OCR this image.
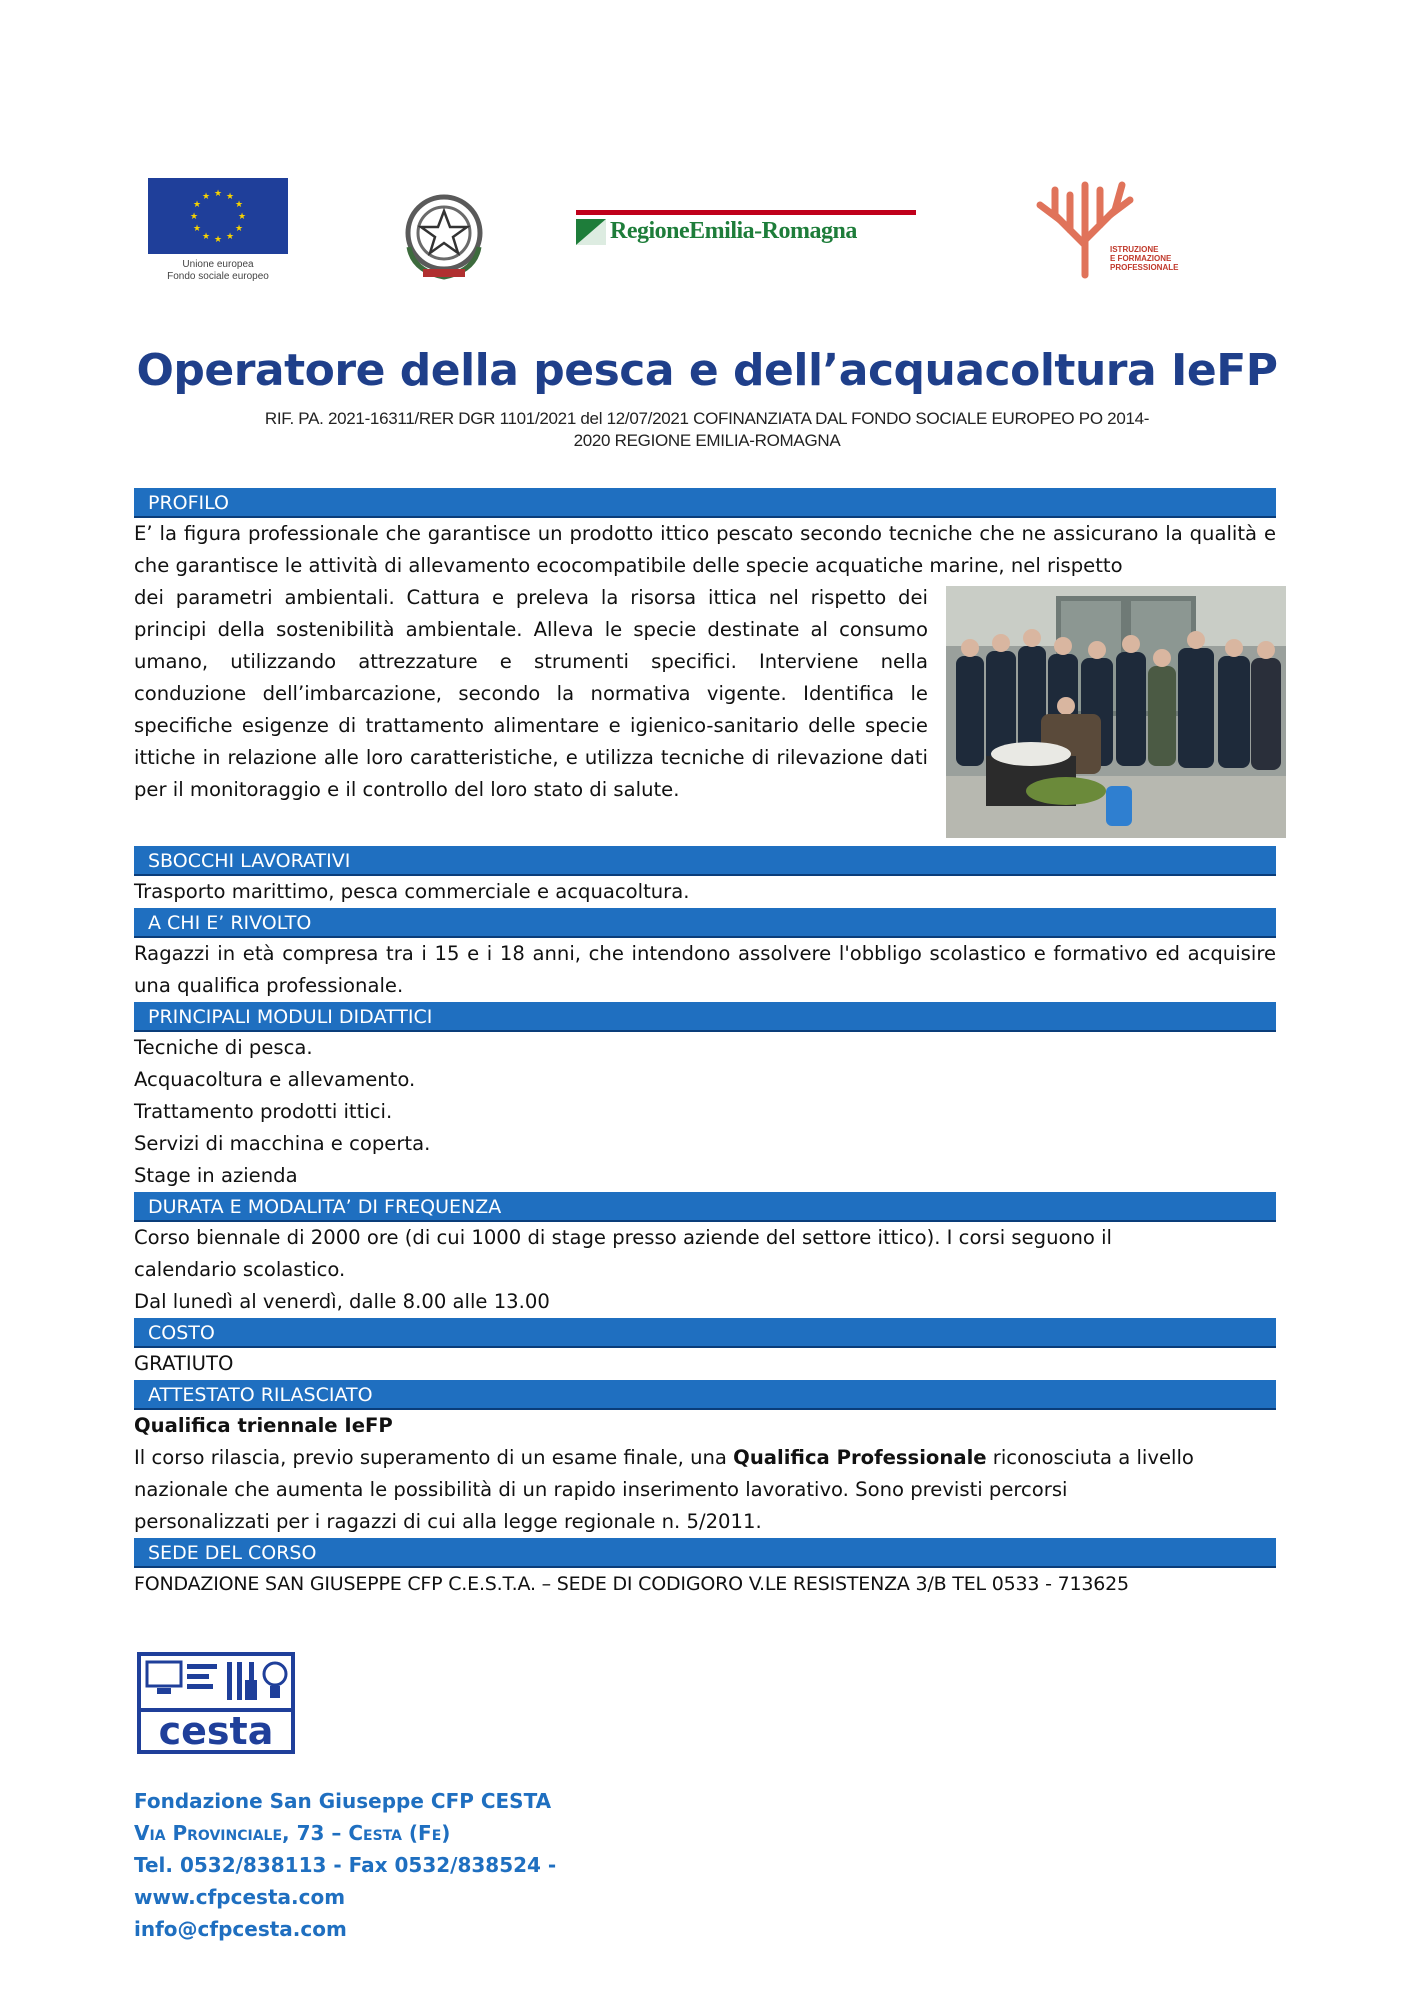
★ ★
★
★
★
★
★
★
★
★
★
★
Unione europea
Fondo sociale europeo
RegioneEmilia-Romagna
ISTRUZIONE
E FORMAZIONE
PROFESSIONALE
Operatore della pesca e dell’acquacoltura IeFP
RIF. PA. 2021-16311/RER DGR 1101/2021 del 12/07/2021 COFINANZIATA DAL FONDO SOCIALE EUROPEO PO 2014-
2020 REGIONE EMILIA-ROMAGNA
PROFILO
E’ la figura professionale che garantisce un prodotto ittico pescato secondo tecniche che ne assicurano la qualità e che garantisce le attività di allevamento ecocompatibile delle specie acquatiche marine, nel rispetto
dei parametri ambientali. Cattura e preleva la risorsa ittica nel rispetto dei principi della sostenibilità ambientale. Alleva le specie destinate al consumo umano, utilizzando attrezzature e strumenti specifici. Interviene nella conduzione dell’imbarcazione, secondo la normativa vigente. Identifica le specifiche esigenze di trattamento alimentare e igienico-sanitario delle specie ittiche in relazione alle loro caratteristiche, e utilizza tecniche di rilevazione dati per il monitoraggio e il controllo del loro stato di salute.
SBOCCHI LAVORATIVI
Trasporto marittimo, pesca commerciale e acquacoltura.
A CHI E’ RIVOLTO
Ragazzi in età compresa tra i 15 e i 18 anni, che intendono assolvere l'obbligo scolastico e formativo ed acquisire una qualifica professionale.
PRINCIPALI MODULI DIDATTICI
Tecniche di pesca.
Acquacoltura e allevamento.
Trattamento prodotti ittici.
Servizi di macchina e coperta.
Stage in azienda
DURATA E MODALITA’ DI FREQUENZA
Corso biennale di 2000 ore (di cui 1000 di stage presso aziende del settore ittico). I corsi seguono il
calendario scolastico.
Dal lunedì al venerdì, dalle 8.00 alle 13.00
COSTO
GRATIUTO
ATTESTATO RILASCIATO
Qualifica triennale IeFP
Il corso rilascia, previo superamento di un esame finale, una Qualifica Professionale riconosciuta a livello
nazionale che aumenta le possibilità di un rapido inserimento lavorativo. Sono previsti percorsi
personalizzati per i ragazzi di cui alla legge regionale n. 5/2011.
SEDE DEL CORSO
FONDAZIONE SAN GIUSEPPE CFP C.E.S.T.A. – SEDE DI CODIGORO V.LE RESISTENZA 3/B TEL 0533 - 713625
cesta
Fondazione San Giuseppe CFP CESTA
Via Provinciale, 73 – Cesta (Fe)
Tel. 0532/838113 - Fax 0532/838524 -
www.cfpcesta.com
info@cfpcesta.com
